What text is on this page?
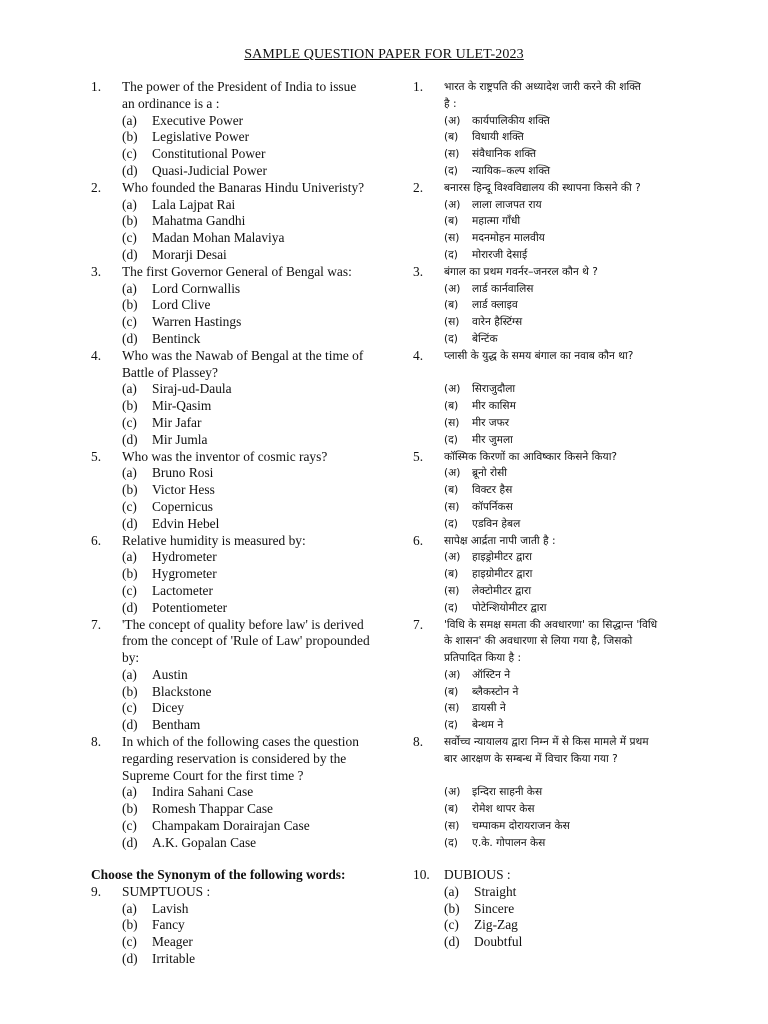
SAMPLE QUESTION PAPER FOR ULET-2023
1.	The power of the President of India to issue
an ordinance is a :
(a)	Executive Power
(b)	Legislative Power
(c)	Constitutional Power
(d)	Quasi-Judicial Power
2.	Who founded the Banaras Hindu Univeristy?
(a)	Lala Lajpat Rai
(b)	Mahatma Gandhi
(c)	Madan Mohan Malaviya
(d)	Morarji Desai
3.	The first Governor General of Bengal was:
(a)	Lord Cornwallis
(b)	Lord Clive
(c)	Warren Hastings
(d)	Bentinck
4.	Who was the Nawab of Bengal at the time of
Battle of Plassey?
(a)	Siraj-ud-Daula
(b)	Mir-Qasim
(c)	Mir Jafar
(d)	Mir Jumla
5.	Who was the inventor of cosmic rays?
(a)	Bruno Rosi
(b)	Victor Hess
(c)	Copernicus
(d)	Edvin Hebel
6.	Relative humidity is measured by:
(a)	Hydrometer
(b)	Hygrometer
(c)	Lactometer
(d)	Potentiometer
7.	'The concept of quality before law' is derived
from the concept of 'Rule of Law' propounded
by:
(a)	Austin
(b)	Blackstone
(c)	Dicey
(d)	Bentham
8.	In which of the following cases the question
regarding reservation is considered by the
Supreme Court for the first time ?
(a)	Indira Sahani Case
(b)	Romesh Thappar Case
(c)	Champakam Dorairajan Case
(d)	A.K. Gopalan Case
1.	भारत के राष्ट्रपति की अध्यादेश जारी करने की शक्ति
है :
(अ)	कार्यपालिकीय शक्ति
(ब)	विधायी शक्ति
(स)	संवैधानिक शक्ति
(द)	न्यायिक–कल्प शक्ति
2.	बनारस हिन्दू विश्वविद्यालय की स्थापना किसने की ?
(अ)	लाला लाजपत राय
(ब)	महात्मा गाँधी
(स)	मदनमोहन मालवीय
(द)	मोरारजी देसाई
3.	बंगाल का प्रथम गवर्नर–जनरल कौन थे ?
(अ)	लार्ड कार्नवालिस
(ब)	लार्ड क्लाइव
(स)	वारेन हैस्टिंग्स
(द)	बेन्टिंक
4.	प्लासी के युद्ध के समय बंगाल का नवाब कौन था?
(अ)	सिराजुदौला
(ब)	मीर कासिम
(स)	मीर जफर
(द)	मीर जुमला
5.	कॉस्मिक किरणों का आविष्कार किसने किया?
(अ)	ब्रूनो रोसी
(ब)	विक्टर हैस
(स)	कॉपर्निकस
(द)	एडविन हेबल
6.	सापेक्ष आर्द्रता नापी जाती है :
(अ)	हाइड्रोमीटर द्वारा
(ब)	हाइग्रोमीटर द्वारा
(स)	लेक्टोमीटर द्वारा
(द)	पोटेन्शियोमीटर द्वारा
7.	'विधि के समक्ष समता की अवधारणा' का सिद्धान्त 'विधि
के शासन' की अवधारणा से लिया गया है, जिसको
प्रतिपादित किया है :
(अ)	ऑस्टिन ने
(ब)	ब्लैकस्टोन ने
(स)	डायसी ने
(द)	बेन्थम ने
8.	सर्वोच्च न्यायालय द्वारा निम्न में से किस मामले में प्रथम
बार आरक्षण के सम्बन्ध में विचार किया गया ?
(अ)	इन्दिरा साहनी केस
(ब)	रोमेश थापर केस
(स)	चम्पाकम दोरायराजन केस
(द)	ए.के. गोपालन केस
Choose the Synonym of the following words:
9.	SUMPTUOUS :
(a)	Lavish
(b)	Fancy
(c)	Meager
(d)	Irritable
10.	DUBIOUS :
(a)	Straight
(b)	Sincere
(c)	Zig-Zag
(d)	Doubtful
